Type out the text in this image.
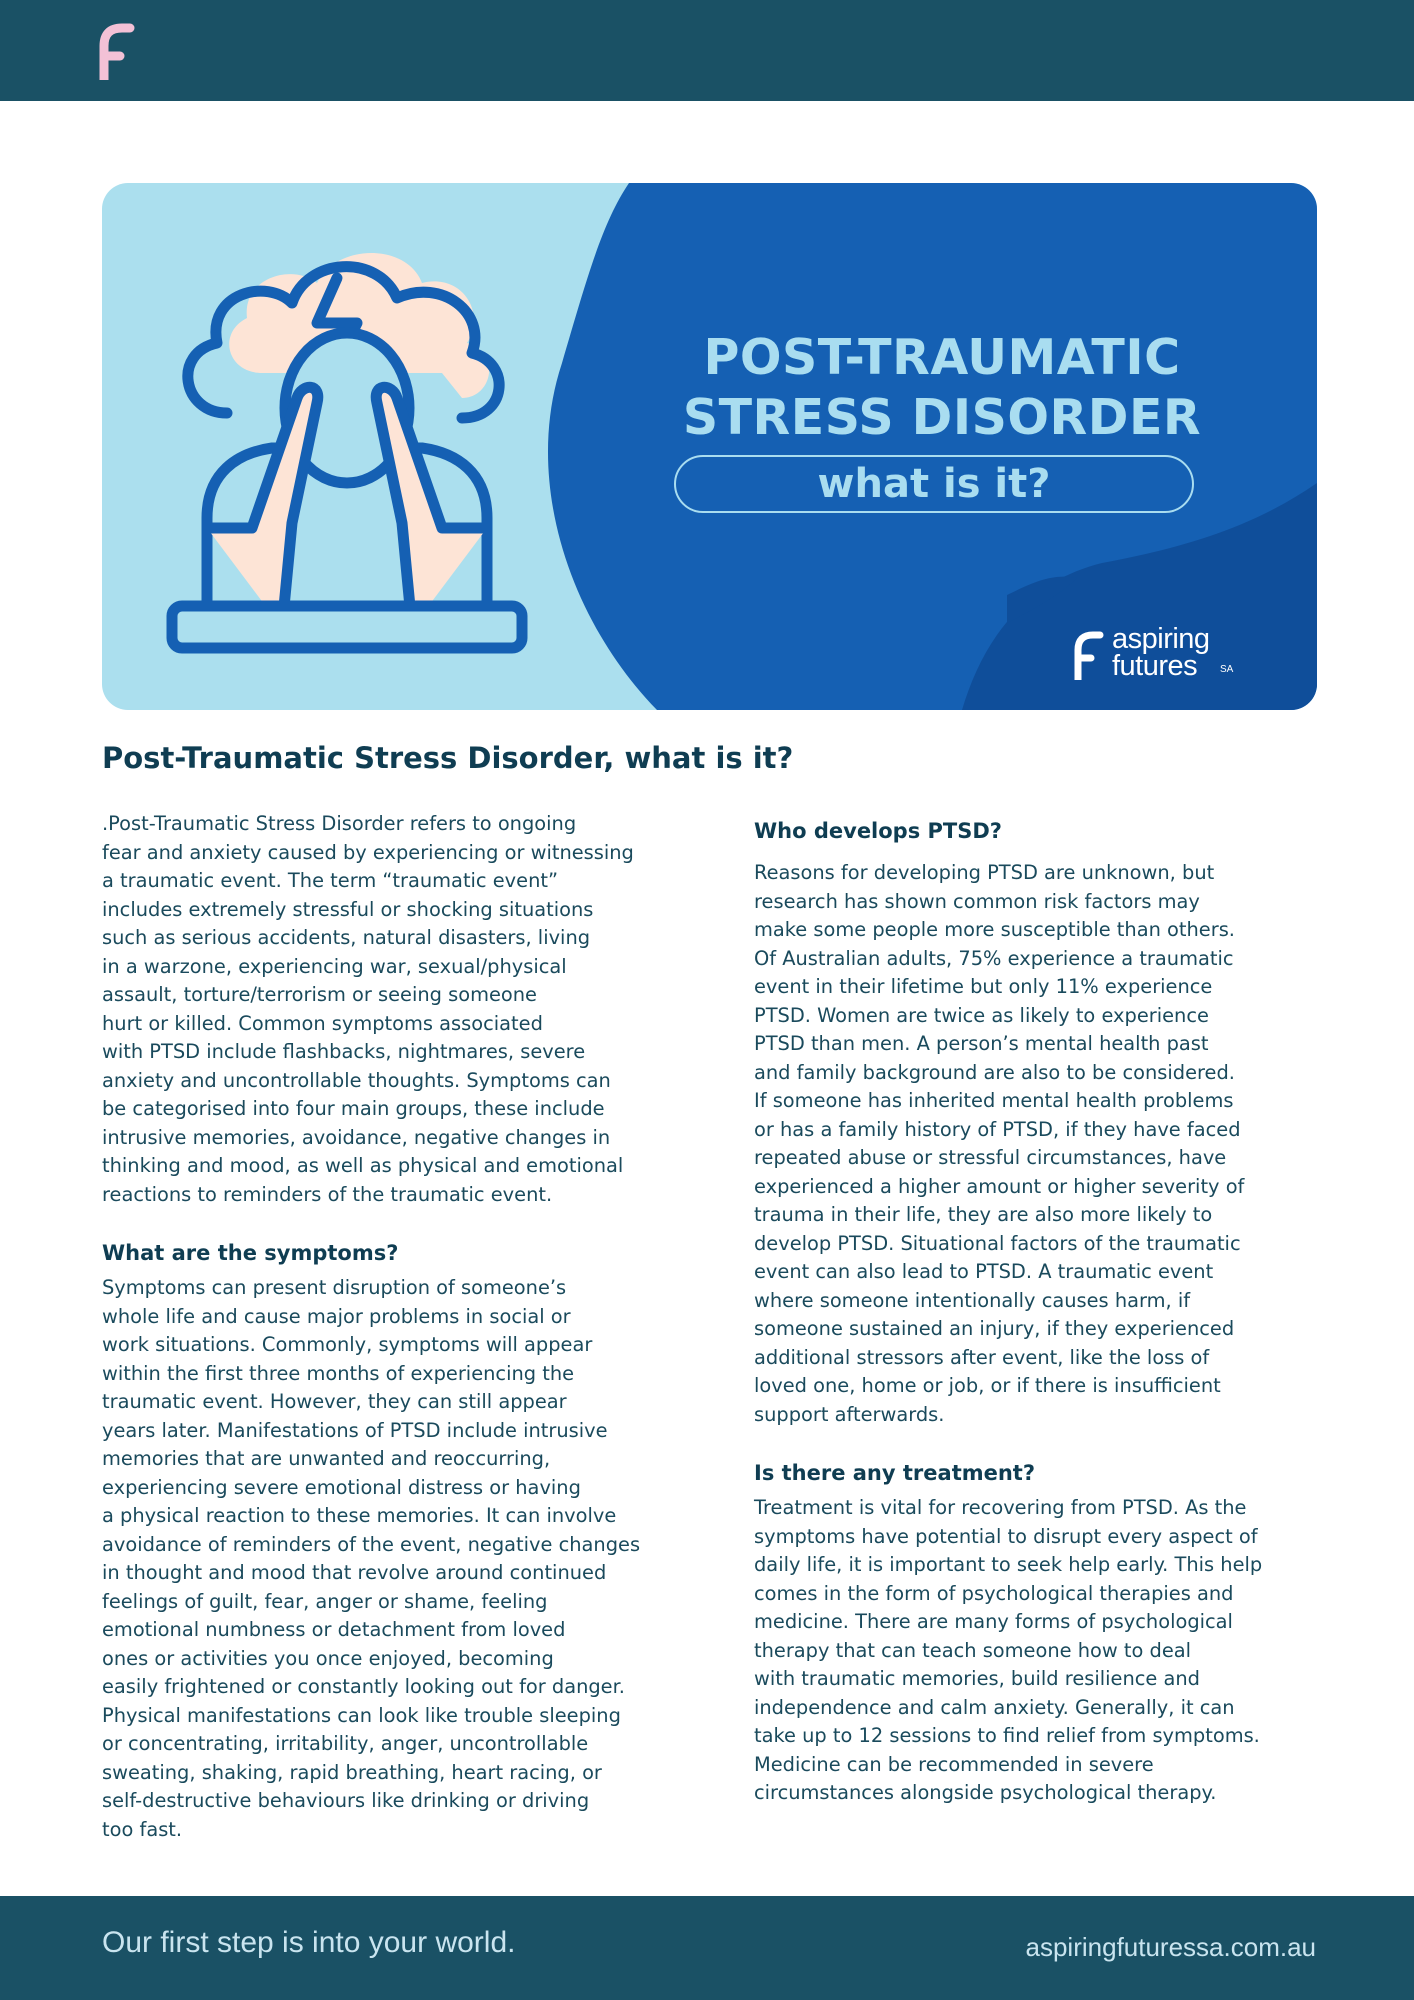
POST-TRAUMATIC
STRESS DISORDER
what is it?
aspiring
futures	SA
Post-Traumatic Stress Disorder, what is it?

.Post-Traumatic Stress Disorder refers to ongoing
fear and anxiety caused by experiencing or witnessing
a traumatic event. The term “traumatic event”
includes extremely stressful or shocking situations
such as serious accidents, natural disasters, living
in a warzone, experiencing war, sexual/physical
assault, torture/terrorism or seeing someone
hurt or killed. Common symptoms associated
with PTSD include flashbacks, nightmares, severe
anxiety and uncontrollable thoughts. Symptoms can
be categorised into four main groups, these include
intrusive memories, avoidance, negative changes in
thinking and mood, as well as physical and emotional
reactions to reminders of the traumatic event.

What are the symptoms?

Symptoms can present disruption of someone’s
whole life and cause major problems in social or
work situations. Commonly, symptoms will appear
within the first three months of experiencing the
traumatic event. However, they can still appear
years later. Manifestations of PTSD include intrusive
memories that are unwanted and reoccurring,
experiencing severe emotional distress or having
a physical reaction to these memories. It can involve
avoidance of reminders of the event, negative changes
in thought and mood that revolve around continued
feelings of guilt, fear, anger or shame, feeling
emotional numbness or detachment from loved
ones or activities you once enjoyed, becoming
easily frightened or constantly looking out for danger.
Physical manifestations can look like trouble sleeping
or concentrating, irritability, anger, uncontrollable
sweating, shaking, rapid breathing, heart racing, or
self-destructive behaviours like drinking or driving
too fast.

Who develops PTSD?

Reasons for developing PTSD are unknown, but
research has shown common risk factors may
make some people more susceptible than others.
Of Australian adults, 75% experience a traumatic
event in their lifetime but only 11% experience
PTSD. Women are twice as likely to experience
PTSD than men. A person’s mental health past
and family background are also to be considered.
If someone has inherited mental health problems
or has a family history of PTSD, if they have faced
repeated abuse or stressful circumstances, have
experienced a higher amount or higher severity of
trauma in their life, they are also more likely to
develop PTSD. Situational factors of the traumatic
event can also lead to PTSD. A traumatic event
where someone intentionally causes harm, if
someone sustained an injury, if they experienced
additional stressors after event, like the loss of
loved one, home or job, or if there is insufficient
support afterwards.

Is there any treatment?

Treatment is vital for recovering from PTSD. As the
symptoms have potential to disrupt every aspect of
daily life, it is important to seek help early. This help
comes in the form of psychological therapies and
medicine. There are many forms of psychological
therapy that can teach someone how to deal
with traumatic memories, build resilience and
independence and calm anxiety. Generally, it can
take up to 12 sessions to find relief from symptoms.
Medicine can be recommended in severe
circumstances alongside psychological therapy.

Our first step is into your world.	aspiringfuturessa.com.au
